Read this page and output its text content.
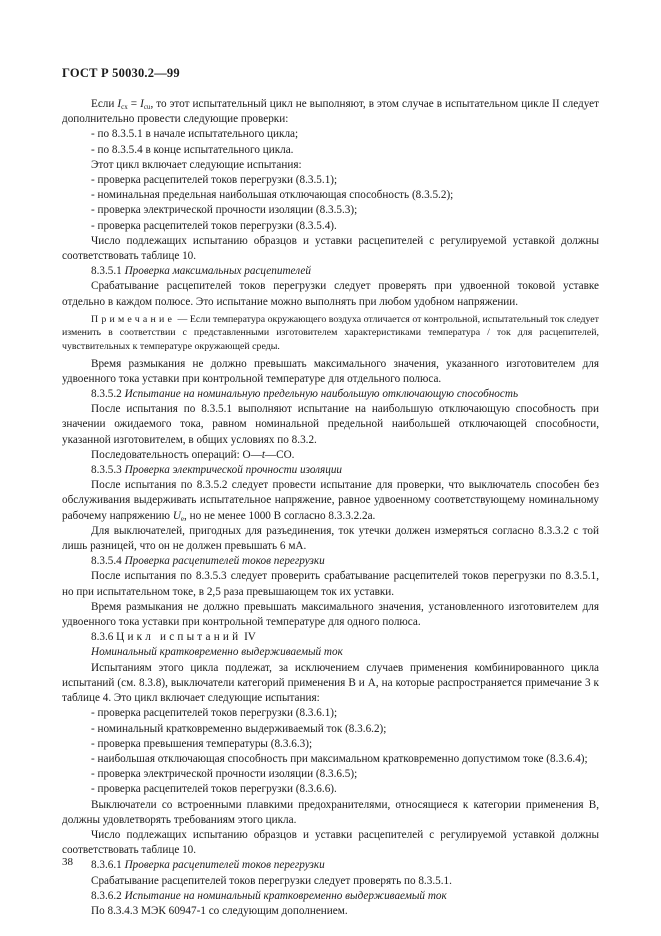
ГОСТ Р 50030.2—99

Если $I_{cx} = I_{cu}$, то этот испытательный цикл не выполняют, в этом случае в испытательном цикле II следует дополнительно провести следующие проверки:

- по 8.3.5.1 в начале испытательного цикла;

- по 8.3.5.4 в конце испытательного цикла.

Этот цикл включает следующие испытания:

- проверка расцепителей токов перегрузки (8.3.5.1);

- номинальная предельная наибольшая отключающая способность (8.3.5.2);

- проверка электрической прочности изоляции (8.3.5.3);

- проверка расцепителей токов перегрузки (8.3.5.4).

Число подлежащих испытанию образцов и уставки расцепителей с регулируемой уставкой должны соответствовать таблице 10.

8.3.5.1 Проверка максимальных расцепителей

Срабатывание расцепителей токов перегрузки следует проверять при удвоенной токовой уставке отдельно в каждом полюсе. Это испытание можно выполнять при любом удобном напряжении.

Примечание — Если температура окружающего воздуха отличается от контрольной, испытательный ток следует изменить в соответствии с представленными изготовителем характеристиками температура / ток для расцепителей, чувствительных к температуре окружающей среды.

Время размыкания не должно превышать максимального значения, указанного изготовителем для удвоенного тока уставки при контрольной температуре для отдельного полюса.

8.3.5.2 Испытание на номинальную предельную наибольшую отключающую способность

После испытания по 8.3.5.1 выполняют испытание на наибольшую отключающую способность при значении ожидаемого тока, равном номинальной предельной наибольшей отключающей способности, указанной изготовителем, в общих условиях по 8.3.2.

Последовательность операций: О—t—СО.

8.3.5.3 Проверка электрической прочности изоляции

После испытания по 8.3.5.2 следует провести испытание для проверки, что выключатель способен без обслуживания выдерживать испытательное напряжение, равное удвоенному соответствующему номинальному рабочему напряжению $U_e$, но не менее 1000 В согласно 8.3.3.2.2а.

Для выключателей, пригодных для разъединения, ток утечки должен измеряться согласно 8.3.3.2 с той лишь разницей, что он не должен превышать 6 мА.

8.3.5.4 Проверка расцепителей токов перегрузки

После испытания по 8.3.5.3 следует проверить срабатывание расцепителей токов перегрузки по 8.3.5.1, но при испытательном токе, в 2,5 раза превышающем ток их уставки.

Время размыкания не должно превышать максимального значения, установленного изготовителем для удвоенного тока уставки при контрольной температуре для одного полюса.

8.3.6 Цикл испытаний IV

Номинальный кратковременно выдерживаемый ток

Испытаниям этого цикла подлежат, за исключением случаев применения комбинированного цикла испытаний (см. 8.3.8), выключатели категорий применения В и А, на которые распространяется примечание 3 к таблице 4. Это цикл включает следующие испытания:

- проверка расцепителей токов перегрузки (8.3.6.1);

- номинальный кратковременно выдерживаемый ток (8.3.6.2);

- проверка превышения температуры (8.3.6.3);

- наибольшая отключающая способность при максимальном кратковременно допустимом токе (8.3.6.4);

- проверка электрической прочности изоляции (8.3.6.5);

- проверка расцепителей токов перегрузки (8.3.6.6).

Выключатели со встроенными плавкими предохранителями, относящиеся к категории применения В, должны удовлетворять требованиям этого цикла.

Число подлежащих испытанию образцов и уставки расцепителей с регулируемой уставкой должны соответствовать таблице 10.

8.3.6.1 Проверка расцепителей токов перегрузки

Срабатывание расцепителей токов перегрузки следует проверять по 8.3.5.1.

8.3.6.2 Испытание на номинальный кратковременно выдерживаемый ток

По 8.3.4.3 МЭК 60947-1 со следующим дополнением.

38
